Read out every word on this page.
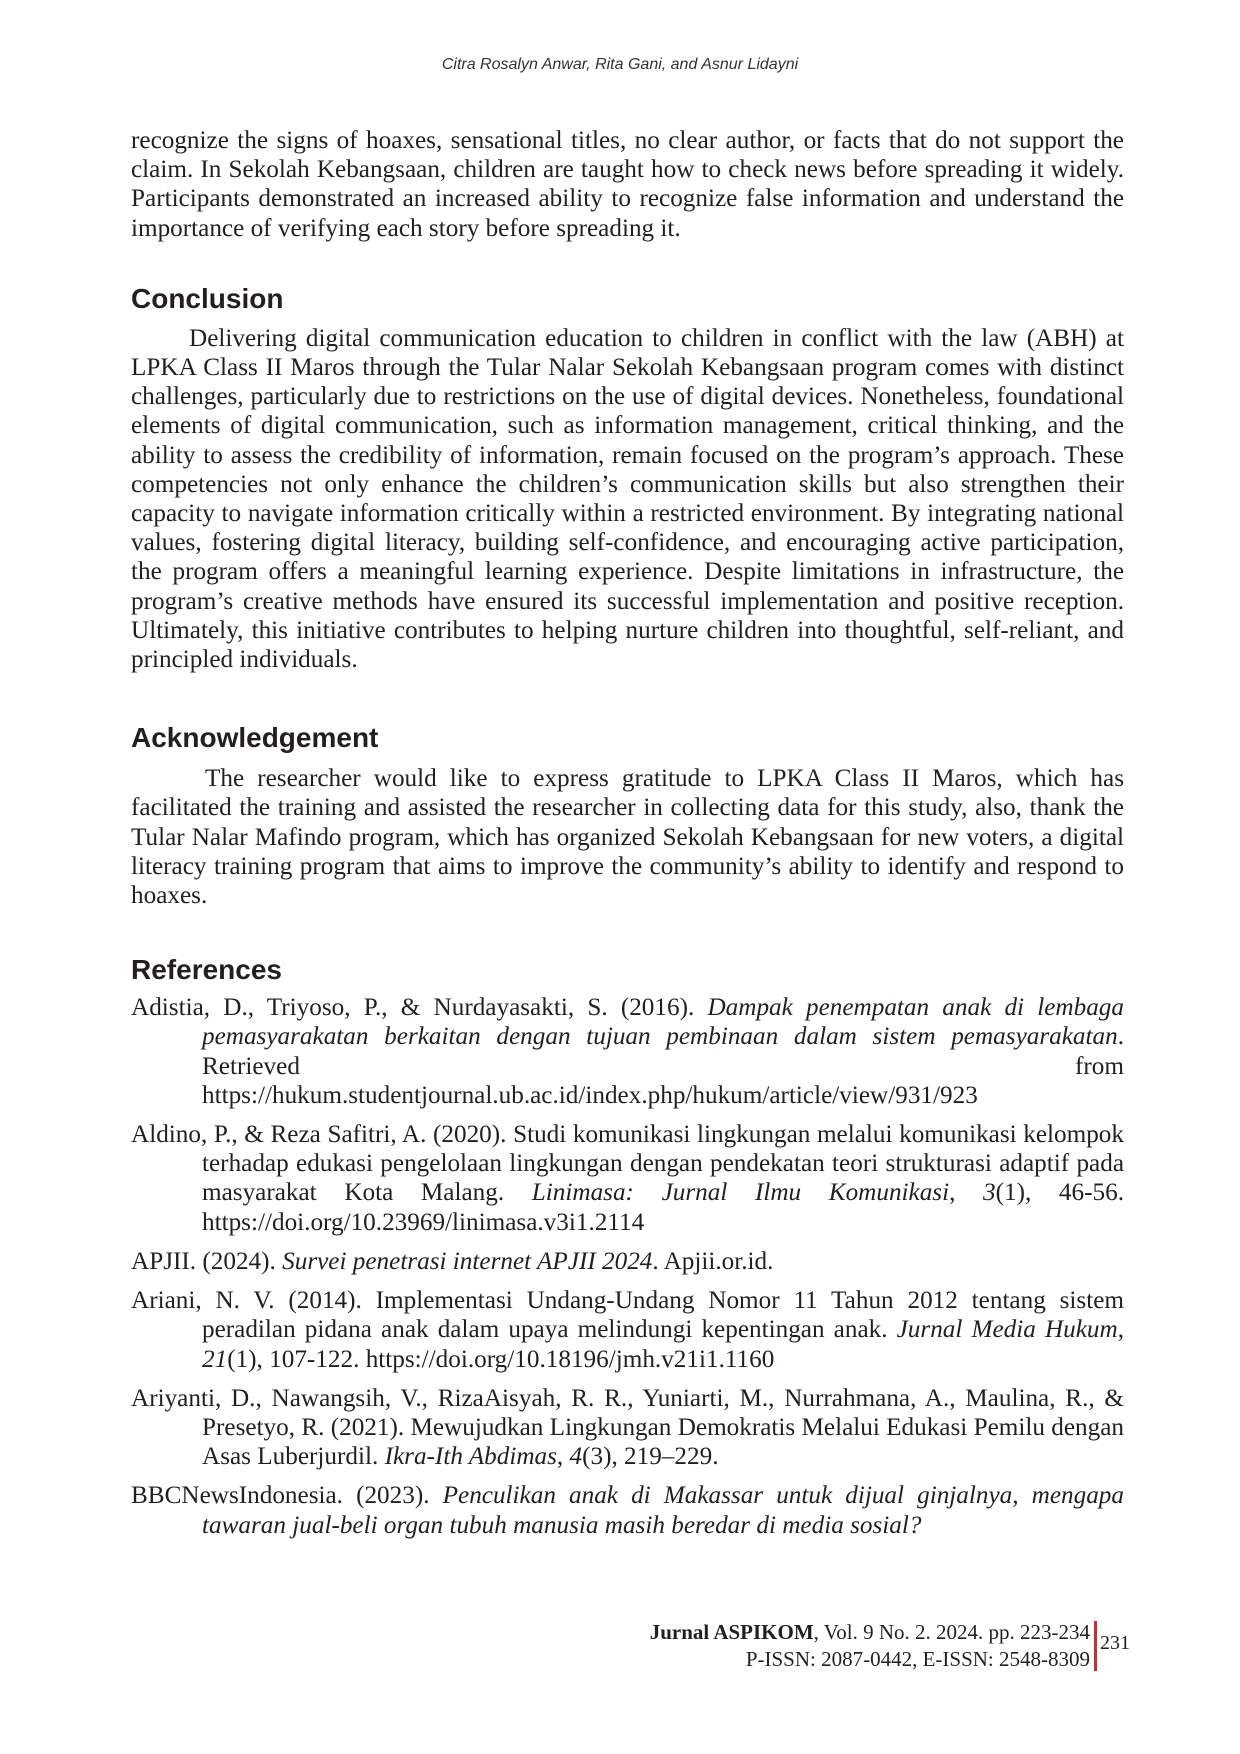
Citra Rosalyn Anwar, Rita Gani, and Asnur Lidayni

recognize the signs of hoaxes, sensational titles, no clear author, or facts that do not support the claim. In Sekolah Kebangsaan, children are taught how to check news before spreading it widely. Participants demonstrated an increased ability to recognize false information and understand the importance of verifying each story before spreading it.

Conclusion

Delivering digital communication education to children in conflict with the law (ABH) at LPKA Class II Maros through the Tular Nalar Sekolah Kebangsaan program comes with distinct challenges, particularly due to restrictions on the use of digital devices. Nonetheless, foundational elements of digital communication, such as information management, critical thinking, and the ability to assess the credibility of information, remain focused on the program’s approach. These competencies not only enhance the children’s communication skills but also strengthen their capacity to navigate information critically within a restricted environment. By integrating national values, fostering digital literacy, building self-confidence, and encouraging active participation, the program offers a meaningful learning experience. Despite limitations in infrastructure, the program’s creative methods have ensured its successful implementation and positive reception. Ultimately, this initiative contributes to helping nurture children into thoughtful, self-reliant, and principled individuals.

Acknowledgement

The researcher would like to express gratitude to LPKA Class II Maros, which has facilitated the training and assisted the researcher in collecting data for this study, also, thank the Tular Nalar Mafindo program, which has organized Sekolah Kebangsaan for new voters, a digital literacy training program that aims to improve the community’s ability to identify and respond to hoaxes.

References

Adistia, D., Triyoso, P., & Nurdayasakti, S. (2016). Dampak penempatan anak di lembaga pemasyarakatan berkaitan dengan tujuan pembinaan dalam sistem pemasyarakatan. Retrieved from https://hukum.studentjournal.ub.ac.id/index.php/hukum/article/view/931/923

Aldino, P., & Reza Safitri, A. (2020). Studi komunikasi lingkungan melalui komunikasi kelompok terhadap edukasi pengelolaan lingkungan dengan pendekatan teori strukturasi adaptif pada masyarakat Kota Malang. Linimasa: Jurnal Ilmu Komunikasi, 3(1), 46-56. https://doi.org/10.23969/linimasa.v3i1.2114

APJII. (2024). Survei penetrasi internet APJII 2024. Apjii.or.id.

Ariani, N. V. (2014). Implementasi Undang-Undang Nomor 11 Tahun 2012 tentang sistem peradilan pidana anak dalam upaya melindungi kepentingan anak. Jurnal Media Hukum, 21(1), 107-122. https://doi.org/10.18196/jmh.v21i1.1160

Ariyanti, D., Nawangsih, V., RizaAisyah, R. R., Yuniarti, M., Nurrahmana, A., Maulina, R., & Presetyo, R. (2021). Mewujudkan Lingkungan Demokratis Melalui Edukasi Pemilu dengan Asas Luberjurdil. Ikra-Ith Abdimas, 4(3), 219–229.

BBCNewsIndonesia. (2023). Penculikan anak di Makassar untuk dijual ginjalnya, mengapa tawaran jual-beli organ tubuh manusia masih beredar di media sosial?

Jurnal ASPIKOM, Vol. 9 No. 2. 2024. pp. 223-234
P-ISSN: 2087-0442, E-ISSN: 2548-8309
231
